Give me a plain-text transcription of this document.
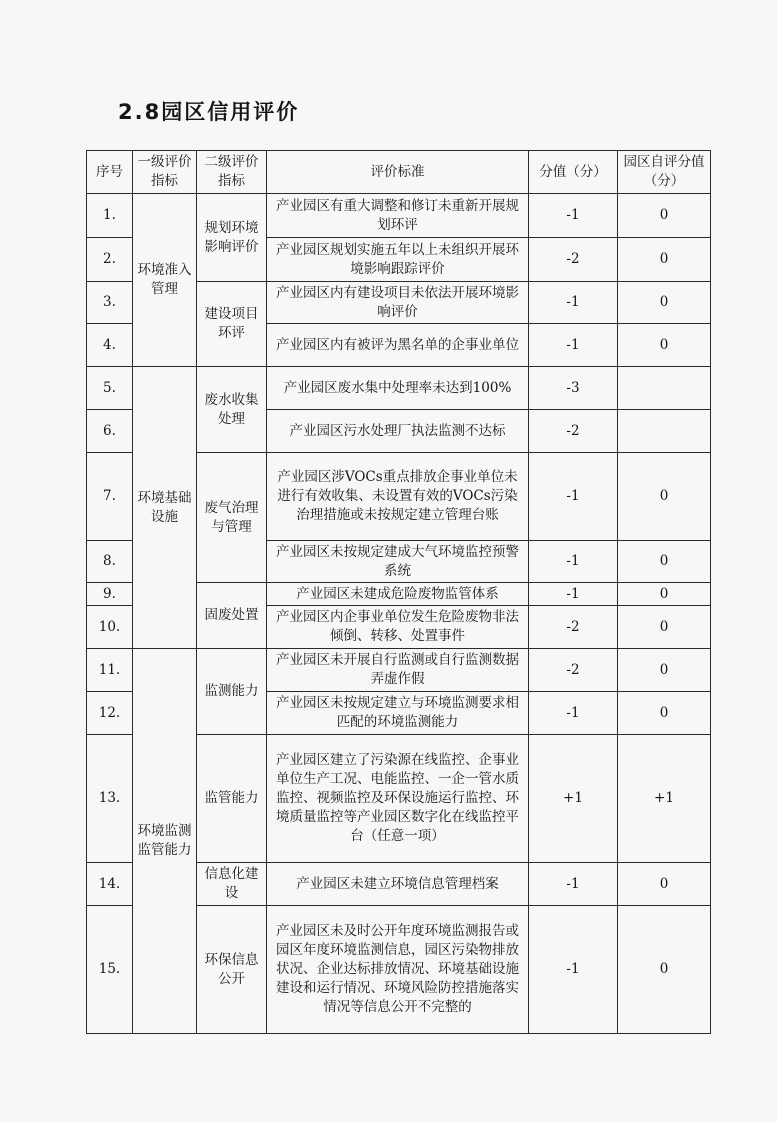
2.8园区信用评价
序号	一级评价指标	二级评价指标	评价标准	分值（分）	园区自评分值（分）
1.	环境准入管理	规划环境影响评价	产业园区有重大调整和修订未重新开展规划环评	-1	0
2.			产业园区规划实施五年以上未组织开展环境影响跟踪评价	-2	0
3.		建设项目环评	产业园区内有建设项目未依法开展环境影响评价	-1	0
4.			产业园区内有被评为黑名单的企事业单位	-1	0
5.	环境基础设施	废水收集处理	产业园区废水集中处理率未达到100%	-3	
6.			产业园区污水处理厂执法监测不达标	-2	
7.		废气治理与管理	产业园区涉VOCs重点排放企事业单位未进行有效收集、未设置有效的VOCs污染治理措施或未按规定建立管理台账	-1	0
8.			产业园区未按规定建成大气环境监控预警系统	-1	0
9.		固废处置	产业园区未建成危险废物监管体系	-1	0
10.			产业园区内企事业单位发生危险废物非法倾倒、转移、处置事件	-2	0
11.	环境监测监管能力	监测能力	产业园区未开展自行监测或自行监测数据弄虚作假	-2	0
12.			产业园区未按规定建立与环境监测要求相匹配的环境监测能力	-1	0
13.		监管能力	产业园区建立了污染源在线监控、企事业单位生产工况、电能监控、一企一管水质监控、视频监控及环保设施运行监控、环境质量监控等产业园区数字化在线监控平台（任意一项）	+1	+1
14.		信息化建设	产业园区未建立环境信息管理档案	-1	0
15.		环保信息公开	产业园区未及时公开年度环境监测报告或园区年度环境监测信息，园区污染物排放状况、企业达标排放情况、环境基础设施建设和运行情况、环境风险防控措施落实情况等信息公开不完整的	-1	0
